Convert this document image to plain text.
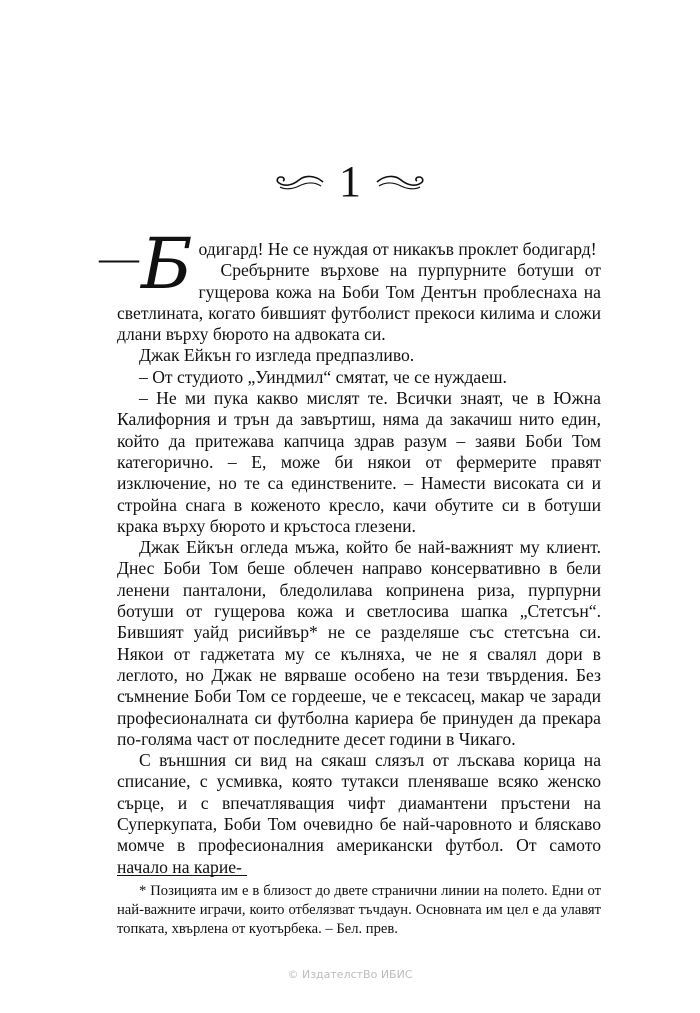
1

— Б одигард! Не се нуждая от никакъв проклет бодигард!

Сребърните върхове на пурпурните ботуши от гущерова кожа на Боби Том Дентън проблеснаха на светлината, когато бившият футболист прекоси килима и сложи длани върху бюрото на адвоката си.

Джак Ейкън го изгледа предпазливо.

– От студиото „Уиндмил“ смятат, че се нуждаеш.

– Не ми пука какво мислят те. Всички знаят, че в Южна Калифорния и трън да завъртиш, няма да закачиш нито един, който да притежава капчица здрав разум – заяви Боби Том категорично. – Е, може би някои от фермерите правят изключение, но те са единствените. – Намести високата си и стройна снага в коженото кресло, качи обутите си в ботуши крака върху бюрото и кръстоса глезени.

Джак Ейкън огледа мъжа, който бе най-важният му клиент. Днес Боби Том беше облечен направо консервативно в бели ленени панталони, бледолилава копринена риза, пурпурни ботуши от гущерова кожа и светлосива шапка „Стетсън“. Бившият уайд рисийвър* не се разделяше със стетсъна си. Някои от гаджетата му се кълняха, че не я свалял дори в леглото, но Джак не вярваше особено на тези твърдения. Без съмнение Боби Том се гордееше, че е тексасец, макар че заради професионалната си футболна кариера бе принуден да прекара по-голяма част от последните десет години в Чикаго.

С външния си вид на сякаш слязъл от лъскава корица на списание, с усмивка, която тутакси пленяваше всяко женско сърце, и с впечатляващия чифт диамантени пръстени на Суперкупата, Боби Том очевидно бе най-чаровното и бляскаво момче в професионалния американски футбол. От самото начало на карие-

* Позицията им е в близост до двете странични линии на полето. Едни от най-важните играчи, които отбелязват тъчдаун. Основната им цел е да улавят топката, хвърлена от куотърбека. – Бел. прев.

© ИздателстВо ИБИС
